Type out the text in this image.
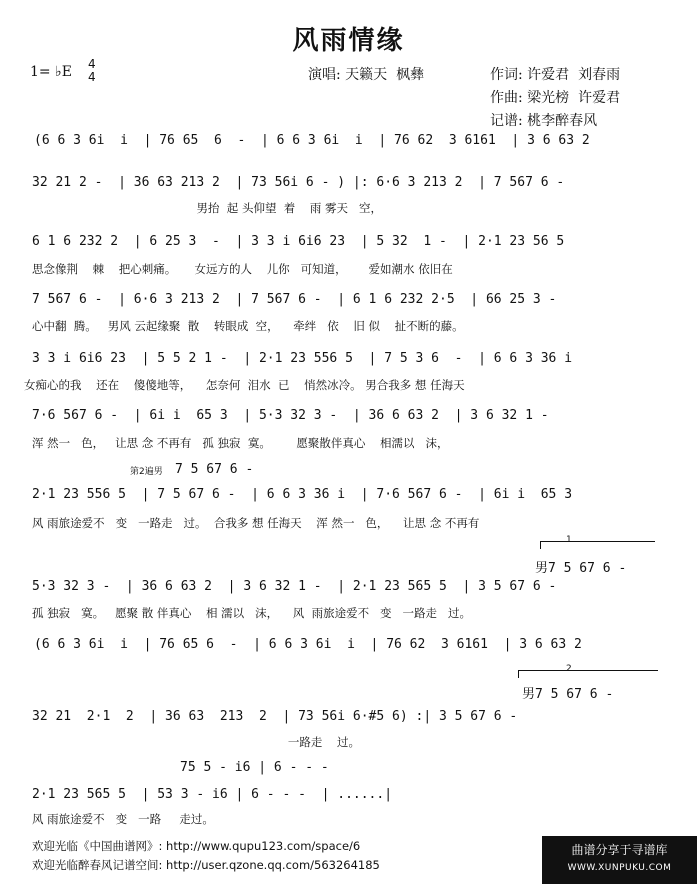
风雨情缘
1= ♭E 4
4	演唱: 天籁天  枫彝	作词: 许爱君  刘春雨
作曲: 梁光榜  许爱君
记谱: 桃李醉春风
(6 6 3 6i  i  | 76 65  6  -  | 6 6 3 6i  i  | 76 62  3 6161  | 3 6 63 2
32 21 2 -  | 36 63 213 2  | 73 56i 6 - ) |: 6·6 3 213 2  | 7 567 6 -
男抬  起 头仰望  着    雨 雾天   空，
6 1 6 232 2  | 6 25 3  -  | 3 3 i 6i6 23  | 5 32  1 -  | 2·1 23 56 5
思念像荆    棘    把心刺痛。     女远方的人    儿你   可知道，      爱如潮水 依旧在
7 567 6 -  | 6·6 3 213 2  | 7 567 6 -  | 6 1 6 232 2·5  | 66 25 3 -
心中翻  腾。   男风 云起缘聚  散    转眼成  空，    牵绊   依    旧 似    扯不断的藤。
3 3 i 6i6 23  | 5 5 2 1 -  | 2·1 23 556 5  | 7 5 3 6  -  | 6 6 3 36 i
女痴心的我    还在    傻傻地等，    怎奈何  泪水  已    悄然冰冷。 男合我多 想 任海天
7·6 567 6 -  | 6i i  65 3  | 5·3 32 3 -  | 36 6 63 2  | 3 6 32 1 -
浑 然一   色，   让思 念 不再有   孤 独寂  寞。       愿聚散伴真心    相濡以   沫，
第2遍男 7 5 67 6 -
2·1 23 556 5  | 7 5 67 6 -  | 6 6 3 36 i  | 7·6 567 6 -  | 6i i  65 3
风 雨旅途爱不   变   一路走   过。  合我多 想 任海天    浑 然一   色，    让思 念 不再有
1
男7 5 67 6 -
5·3 32 3 -  | 36 6 63 2  | 3 6 32 1 -  | 2·1 23 565 5  | 3 5 67 6 -
孤 独寂   寞。   愿聚 散 伴真心    相 濡以   沫，    风  雨旅途爱不   变   一路走   过。
(6 6 3 6i  i  | 76 65 6  -  | 6 6 3 6i  i  | 76 62  3 6161  | 3 6 63 2
2
男7 5 67 6 -
32 21  2·1  2  | 36 63  213  2  | 73 56i 6·#5 6) :| 3 5 67 6 -
一路走    过。
75 5 - i6 | 6 - - -
2·1 23 565 5  | 53 3 - i6 | 6 - - -  | ......|
风 雨旅途爱不   变   一路     走过。
欢迎光临《中国曲谱网》: http://www.qupu123.com/space/6
欢迎光临醉春风记谱空间: http://user.qzone.qq.com/563264185
曲谱分享于寻谱库
WWW.XUNPUKU.COM
